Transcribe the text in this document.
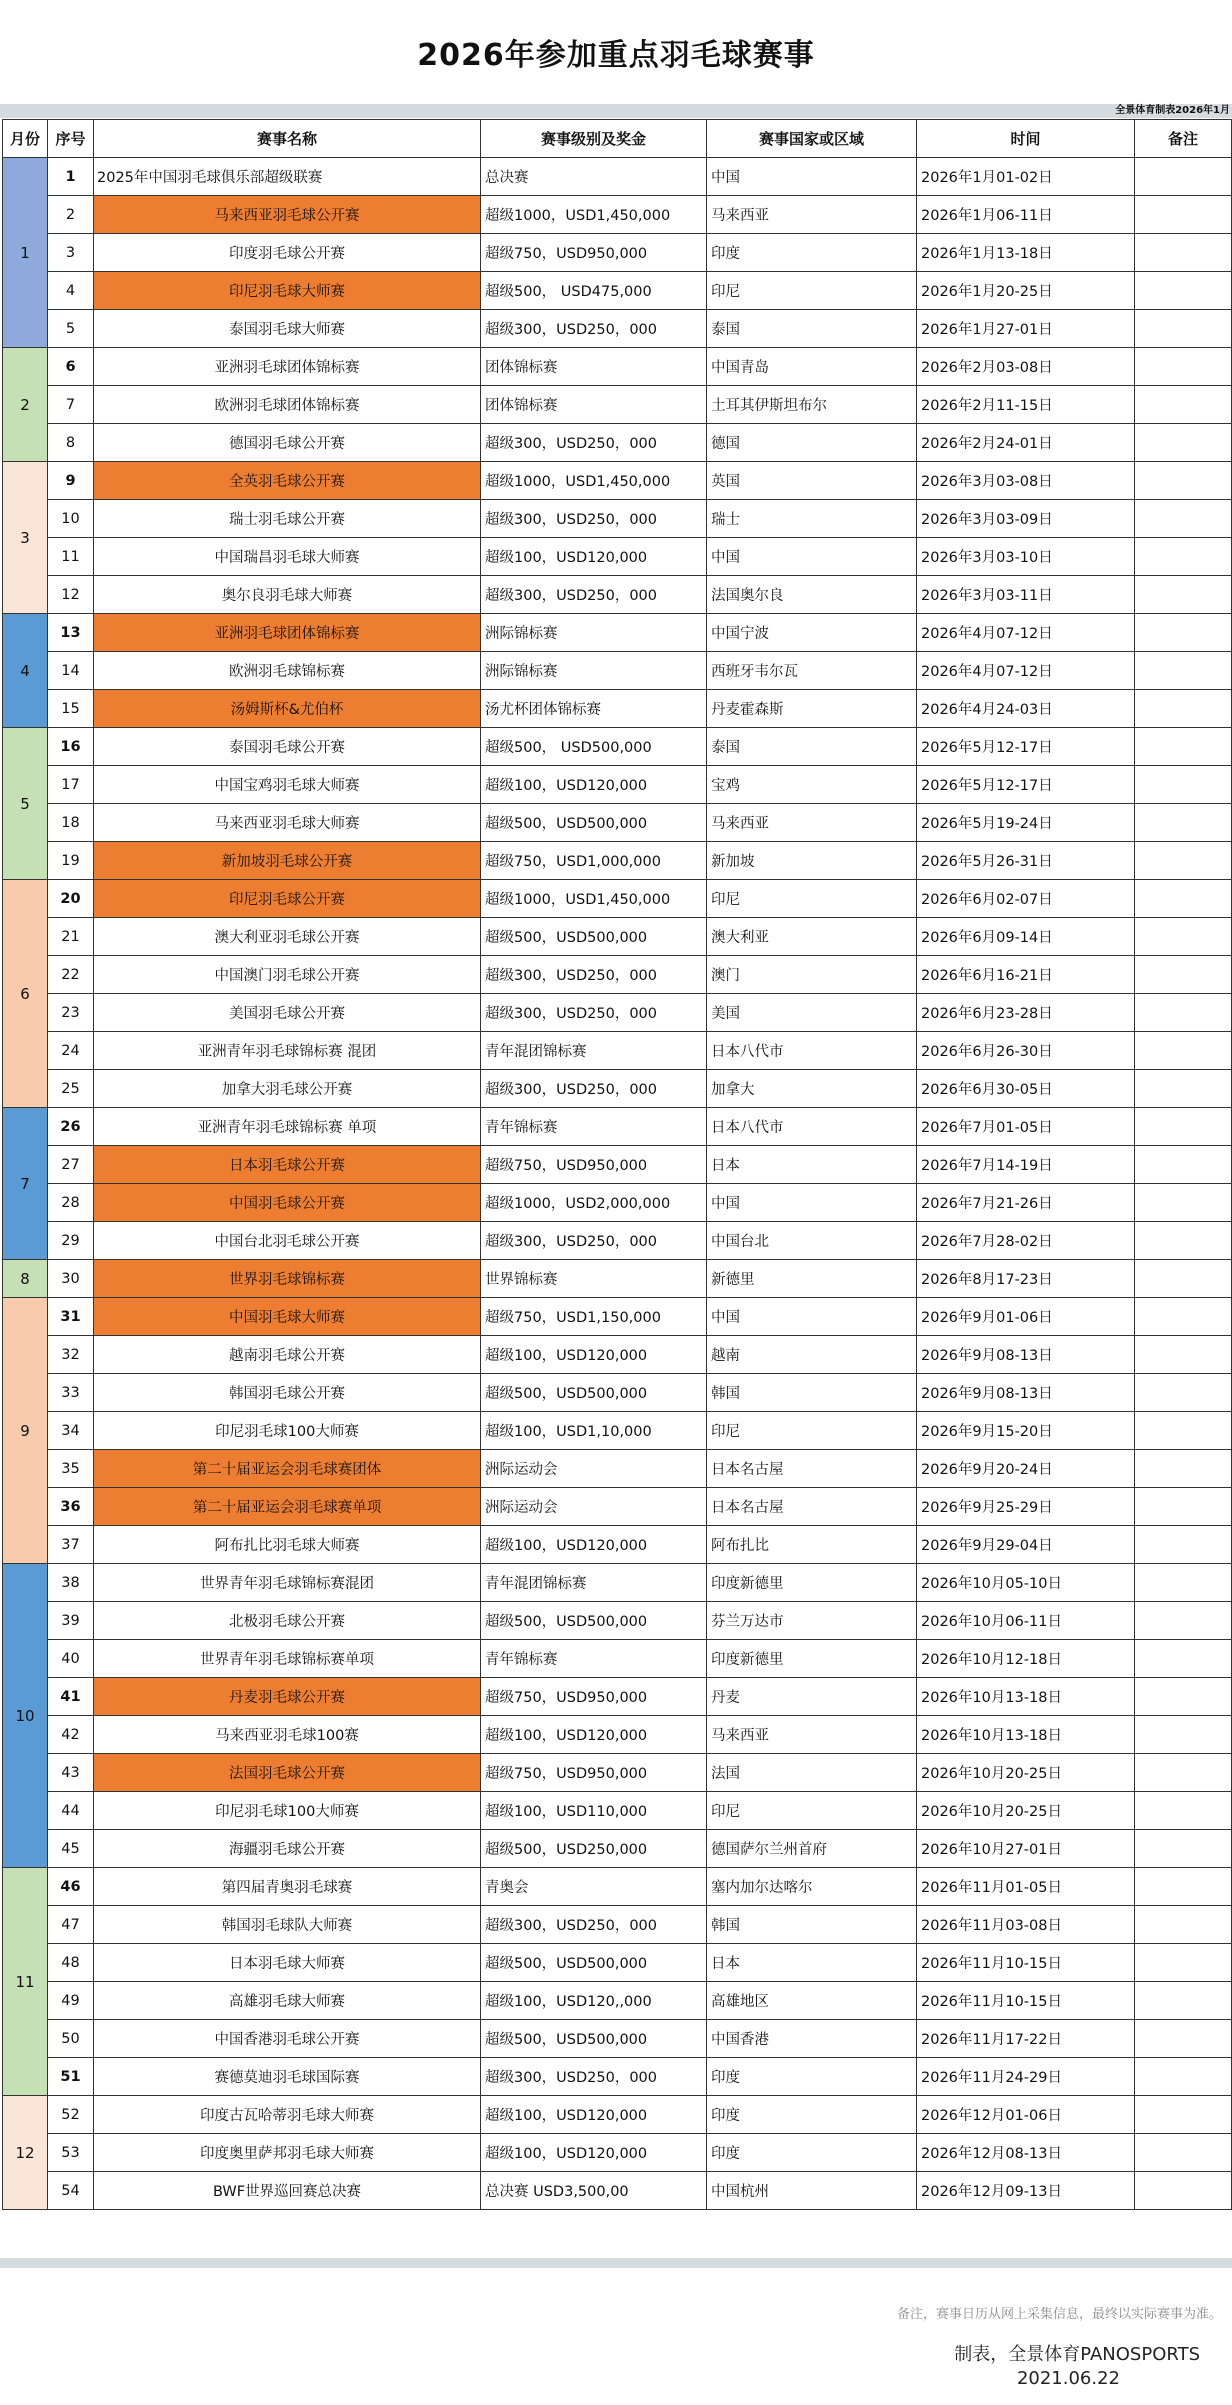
2026年参加重点羽毛球赛事
全景体育制表2026年1月
月份	序号	赛事名称	赛事级别及奖金	赛事国家或区域	时间	备注
1	1	2025年中国羽毛球俱乐部超级联赛	总决赛	中国	2026年1月01-02日	
	2	马来西亚羽毛球公开赛	超级1000，USD1,450,000	马来西亚	2026年1月06-11日	
	3	印度羽毛球公开赛	超级750，USD950,000	印度	2026年1月13-18日	
	4	印尼羽毛球大师赛	超级500， USD475,000	印尼	2026年1月20-25日	
	5	泰国羽毛球大师赛	超级300，USD250，000	泰国	2026年1月27-01日	
2	6	亚洲羽毛球团体锦标赛	团体锦标赛	中国青岛	2026年2月03-08日	
	7	欧洲羽毛球团体锦标赛	团体锦标赛	土耳其伊斯坦布尔	2026年2月11-15日	
	8	德国羽毛球公开赛	超级300，USD250，000	德国	2026年2月24-01日	
3	9	全英羽毛球公开赛	超级1000，USD1,450,000	英国	2026年3月03-08日	
	10	瑞士羽毛球公开赛	超级300，USD250，000	瑞士	2026年3月03-09日	
	11	中国瑞昌羽毛球大师赛	超级100，USD120,000	中国	2026年3月03-10日	
	12	奥尔良羽毛球大师赛	超级300，USD250，000	法国奥尔良	2026年3月03-11日	
4	13	亚洲羽毛球团体锦标赛	洲际锦标赛	中国宁波	2026年4月07-12日	
	14	欧洲羽毛球锦标赛	洲际锦标赛	西班牙韦尔瓦	2026年4月07-12日	
	15	汤姆斯杯&尤伯杯	汤尤杯团体锦标赛	丹麦霍森斯	2026年4月24-03日	
5	16	泰国羽毛球公开赛	超级500， USD500,000	泰国	2026年5月12-17日	
	17	中国宝鸡羽毛球大师赛	超级100，USD120,000	宝鸡	2026年5月12-17日	
	18	马来西亚羽毛球大师赛	超级500，USD500,000	马来西亚	2026年5月19-24日	
	19	新加坡羽毛球公开赛	超级750，USD1,000,000	新加坡	2026年5月26-31日	
6	20	印尼羽毛球公开赛	超级1000，USD1,450,000	印尼	2026年6月02-07日	
	21	澳大利亚羽毛球公开赛	超级500，USD500,000	澳大利亚	2026年6月09-14日	
	22	中国澳门羽毛球公开赛	超级300，USD250，000	澳门	2026年6月16-21日	
	23	美国羽毛球公开赛	超级300，USD250，000	美国	2026年6月23-28日	
	24	亚洲青年羽毛球锦标赛 混团	青年混团锦标赛	日本八代市	2026年6月26-30日	
	25	加拿大羽毛球公开赛	超级300，USD250，000	加拿大	2026年6月30-05日	
7	26	亚洲青年羽毛球锦标赛 单项	青年锦标赛	日本八代市	2026年7月01-05日	
	27	日本羽毛球公开赛	超级750，USD950,000	日本	2026年7月14-19日	
	28	中国羽毛球公开赛	超级1000，USD2,000,000	中国	2026年7月21-26日	
	29	中国台北羽毛球公开赛	超级300，USD250，000	中国台北	2026年7月28-02日	
8	30	世界羽毛球锦标赛	世界锦标赛	新德里	2026年8月17-23日	
9	31	中国羽毛球大师赛	超级750，USD1,150,000	中国	2026年9月01-06日	
	32	越南羽毛球公开赛	超级100，USD120,000	越南	2026年9月08-13日	
	33	韩国羽毛球公开赛	超级500，USD500,000	韩国	2026年9月08-13日	
	34	印尼羽毛球100大师赛	超级100，USD1,10,000	印尼	2026年9月15-20日	
	35	第二十届亚运会羽毛球赛团体	洲际运动会	日本名古屋	2026年9月20-24日	
	36	第二十届亚运会羽毛球赛单项	洲际运动会	日本名古屋	2026年9月25-29日	
	37	阿布扎比羽毛球大师赛	超级100，USD120,000	阿布扎比	2026年9月29-04日	
10	38	世界青年羽毛球锦标赛混团	青年混团锦标赛	印度新德里	2026年10月05-10日	
	39	北极羽毛球公开赛	超级500，USD500,000	芬兰万达市	2026年10月06-11日	
	40	世界青年羽毛球锦标赛单项	青年锦标赛	印度新德里	2026年10月12-18日	
	41	丹麦羽毛球公开赛	超级750，USD950,000	丹麦	2026年10月13-18日	
	42	马来西亚羽毛球100赛	超级100，USD120,000	马来西亚	2026年10月13-18日	
	43	法国羽毛球公开赛	超级750，USD950,000	法国	2026年10月20-25日	
	44	印尼羽毛球100大师赛	超级100，USD110,000	印尼	2026年10月20-25日	
	45	海疆羽毛球公开赛	超级500，USD250,000	德国萨尔兰州首府	2026年10月27-01日	
11	46	第四届青奥羽毛球赛	青奥会	塞内加尔达喀尔	2026年11月01-05日	
	47	韩国羽毛球队大师赛	超级300，USD250，000	韩国	2026年11月03-08日	
	48	日本羽毛球大师赛	超级500，USD500,000	日本	2026年11月10-15日	
	49	高雄羽毛球大师赛	超级100，USD120,,000	高雄地区	2026年11月10-15日	
	50	中国香港羽毛球公开赛	超级500，USD500,000	中国香港	2026年11月17-22日	
	51	赛德莫迪羽毛球国际赛	超级300，USD250，000	印度	2026年11月24-29日	
12	52	印度古瓦哈蒂羽毛球大师赛	超级100，USD120,000	印度	2026年12月01-06日	
	53	印度奥里萨邦羽毛球大师赛	超级100，USD120,000	印度	2026年12月08-13日	
	54	BWF世界巡回赛总决赛	总决赛 USD3,500,00	中国杭州	2026年12月09-13日	
备注，赛事日历从网上采集信息，最终以实际赛事为准。
制表，全景体育PANOSPORTS
2021.06.22
